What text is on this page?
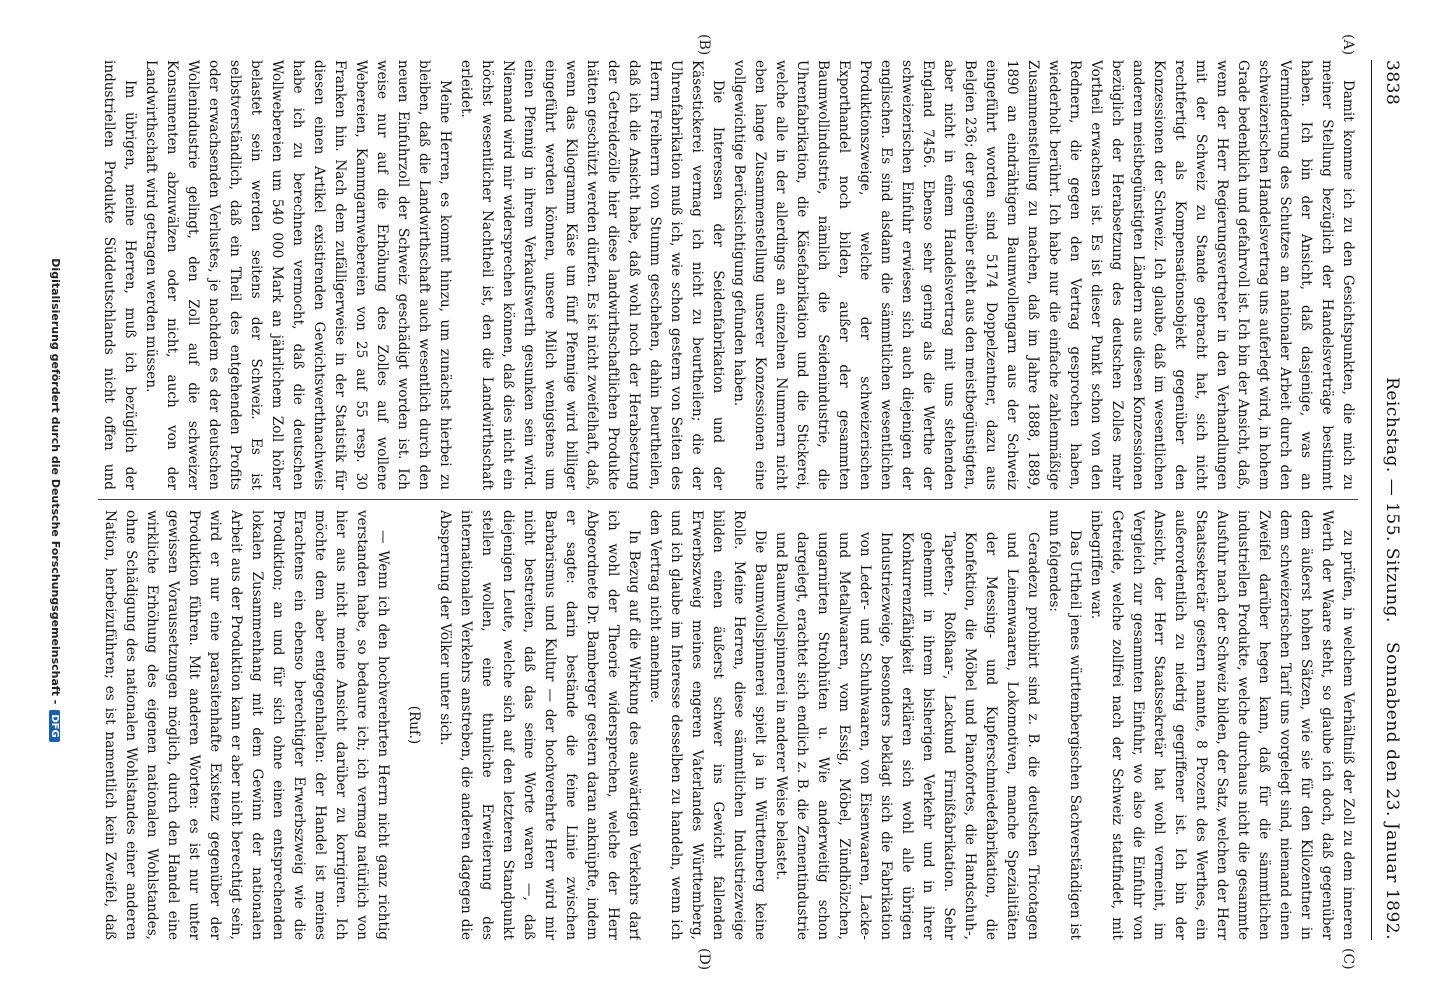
3838
Reichstag. — 155. Sitzung.
Sonnabend den 23. Januar 1892.
(A)
(B)
(C)
(D)

Damit komme ich zu den Gesichtspunkten, die mich zu meiner Stellung bezüglich der Handelsverträge bestimmt haben. Ich bin der Ansicht, daß dasjenige, was an Verminderung des Schutzes an nationaler Arbeit durch den schweizerischen Handelsvertrag uns auferlegt wird, in hohem Grade bedenklich und gefahrvoll ist. Ich bin der Ansicht, daß, wenn der Herr Regierungsvertreter in den Verhandlungen mit der Schweiz zu Stande gebracht hat, sich nicht rechtfertigt als Kompensationsobjekt gegenüber den Konzessionen der Schweiz. Ich glaube, daß im wesentlichen anderen meistbegünstigten Ländern aus diesen Konzessionen bezüglich der Herabsetzung des deutschen Zolles mehr Vortheil erwachsen ist. Es ist dieser Punkt schon von den Rednern, die gegen den Vertrag gesprochen haben, wiederholt berührt. Ich habe nur die einfache zahlenmäßige Zusammenstellung zu machen, daß im Jahre 1888, 1889, 1890 an eindrähtigem Baumwollengarn aus der Schweiz eingeführt worden sind 5174 Doppelzentner, dazu aus Belgien 236; der gegenüber steht aus den meistbegünstigten, aber nicht in einem Handelsvertrag mit uns stehenden England 7456. Ebenso sehr gering als die Werthe der schweizerischen Einfuhr erwiesen sich auch diejenigen der englischen. Es sind alsdann die sämmtlichen wesentlichen Produktionszweige, welche der schweizerischen Exporthandel noch bilden, außer der gesammten Baumwollindustrie, nämlich die Seidenindustrie, die Uhrenfabrikation, die Käsefabrikation und die Stickerei, welche alle in der allerdings an einzelnen Nummern nicht eben lange Zusammenstellung unserer Konzessionen eine vollgewichtige Berücksichtigung gefunden haben.

Die Interessen der Seidenfabrikation und der Käsestickerei vermag ich nicht zu beurtheilen; die der Uhrenfabrikation muß ich, wie schon gestern von Seiten des Herrn Freiherrn von Stumm geschehen, dahin beurtheilen, daß ich die Ansicht habe, daß wohl noch der Herabsetzung der Getreidezölle hier diese landwirthschaftlichen Produkte hätten geschützt werden dürfen. Es ist nicht zweifelhaft, daß, wenn das Kilogramm Käse um fünf Pfennige wird billiger eingeführt werden können, unsere Milch wenigstens um einen Pfennig in ihrem Verkaufswerth gesunken sein wird. Niemand wird mir widersprechen können, daß dies nicht ein höchst wesentlicher Nachtheil ist, den die Landwirthschaft erleidet.

Meine Herren, es kommt hinzu, um zunächst hierbei zu bleiben, daß die Landwirthschaft auch wesentlich durch den neuen Einfuhrzoll der Schweiz geschädigt worden ist. Ich weise nur auf die Erhöhung des Zolles auf wollene Webereien, Kammgarnwebereien von 25 auf 55 resp. 30 Franken hin. Nach dem zufälligerweise in der Statistik für diesen einen Artikel existirenden Gewichtswerthnachweis habe ich zu berechnen vermocht, daß die deutschen Wollwebereien um 540 000 Mark an jährlichem Zoll höher belastet sein werden seitens der Schweiz. Es ist selbstverständlich, daß ein Theil des entgehenden Profits oder erwachsenden Verlustes, je nachdem es der deutschen Wollenindustrie gelingt, den Zoll auf die schweizer Konsumenten abzuwälzen oder nicht, auch von der Landwirthschaft wird getragen werden müssen.

Im übrigen, meine Herren, muß ich bezüglich der industriellen Produkte Süddeutschlands nicht offen und

zu prüfen, in welchem Verhältniß der Zoll zu dem inneren Werth der Waare steht, so glaube ich doch, daß gegenüber dem äußerst hohen Sätzen, wie sie für den Kilozentner in dem schweizerischen Tarif uns vorgelegt sind, niemand einen Zweifel darüber hegen kann, daß für die sämmtlichen industriellen Produkte, welche durchaus nicht die gesammte Ausfuhr nach der Schweiz bilden, der Satz, welchen der Herr Staatssekretär gestern nannte, 8 Prozent des Werthes, ein außerordentlich zu niedrig gegriffener ist. Ich bin der Ansicht, der Herr Staatssekretär hat wohl vermeint, im Vergleich zur gesammten Einfuhr, wo also die Einfuhr von Getreide, welche zollfrei nach der Schweiz stattfindet, mit inbegriffen war.

Das Urtheil jenes württembergischen Sachverständigen ist nun folgendes:

Geradezu prohibirt sind z. B. die deutschen Tricotagen und Leinenwaaren, Lokomotiven, manche Spezialitäten der Messing- und Kupferschmiedefabrikation, die Konfektion, die Möbel und Pianofortes, die Handschuh-, Tapeten-, Roßhaar-, Lackund Firnißfabrikation. Sehr gehemmt in ihrem bisherigen Verkehr und in ihrer Konkurrenzfähigkeit erklären sich wohl alle übrigen Industriezweige, besonders beklagt sich die Fabrikation von Leder- und Schuhwaaren, von Eisenwaaren, Lacke- und Metallwaaren, vom Essig, Möbel, Zündhölzchen, ungarnirten Strohhüten u. Wie anderweitig schon dargelegt, erachtet sich endlich z. B. die Zementindustrie und Baumwollspinnerei in anderer Weise belastet.

Die Baumwollspinnerei spielt ja in Württemberg keine Rolle. Meine Herren, diese sämmtlichen Industriezweige bilden einen äußerst schwer ins Gewicht fallenden Erwerbszweig meines engeren Vaterlandes Württemberg, und ich glaube im Interesse desselben zu handeln, wenn ich den Vertrag nicht annehme.

In Bezug auf die Wirkung des auswärtigen Verkehrs darf ich wohl der Theorie widersprechen, welche der Herr Abgeordnete Dr. Bamberger gestern daran anknüpfte, indem er sagte: darin bestände die feine Linie zwischen Barbarismus und Kultur — der hochverehrte Herr wird mir nicht bestreiten, daß das seine Worte waren —, daß diejenigen Leute, welche sich auf den letzteren Standpunkt stellen wollen, eine thunliche Erweiterung des internationalen Verkehrs anstreben, die anderen dagegen die Absperrung der Völker unter sich.

(Ruf.)

— Wenn ich den hochverehrten Herrn nicht ganz richtig verstanden habe, so bedaure ich; ich vermag natürlich von hier aus nicht meine Ansicht darüber zu korrigiren. Ich möchte dem aber entgegenhalten: der Handel ist meines Erachtens ein ebenso berechtigter Erwerbszweig wie die Produktion; an und für sich ohne einen entsprechenden lokalen Zusammenhang mit dem Gewinn der nationalen Arbeit aus der Produktion kann er aber nicht berechtigt sein, wird er nur eine parasitenhafte Existenz gegenüber der Produktion führen. Mit anderen Worten: es ist nur unter gewissen Voraussetzungen möglich, durch den Handel eine wirkliche Erhöhung des eigenen nationalen Wohlstandes, ohne Schädigung des nationalen Wohlstandes einer anderen Nation, herbeizuführen; es ist namentlich kein Zweifel, daß

Digitalisierung gefördert durch die Deutsche Forschungsgemeinschaft -DFG
